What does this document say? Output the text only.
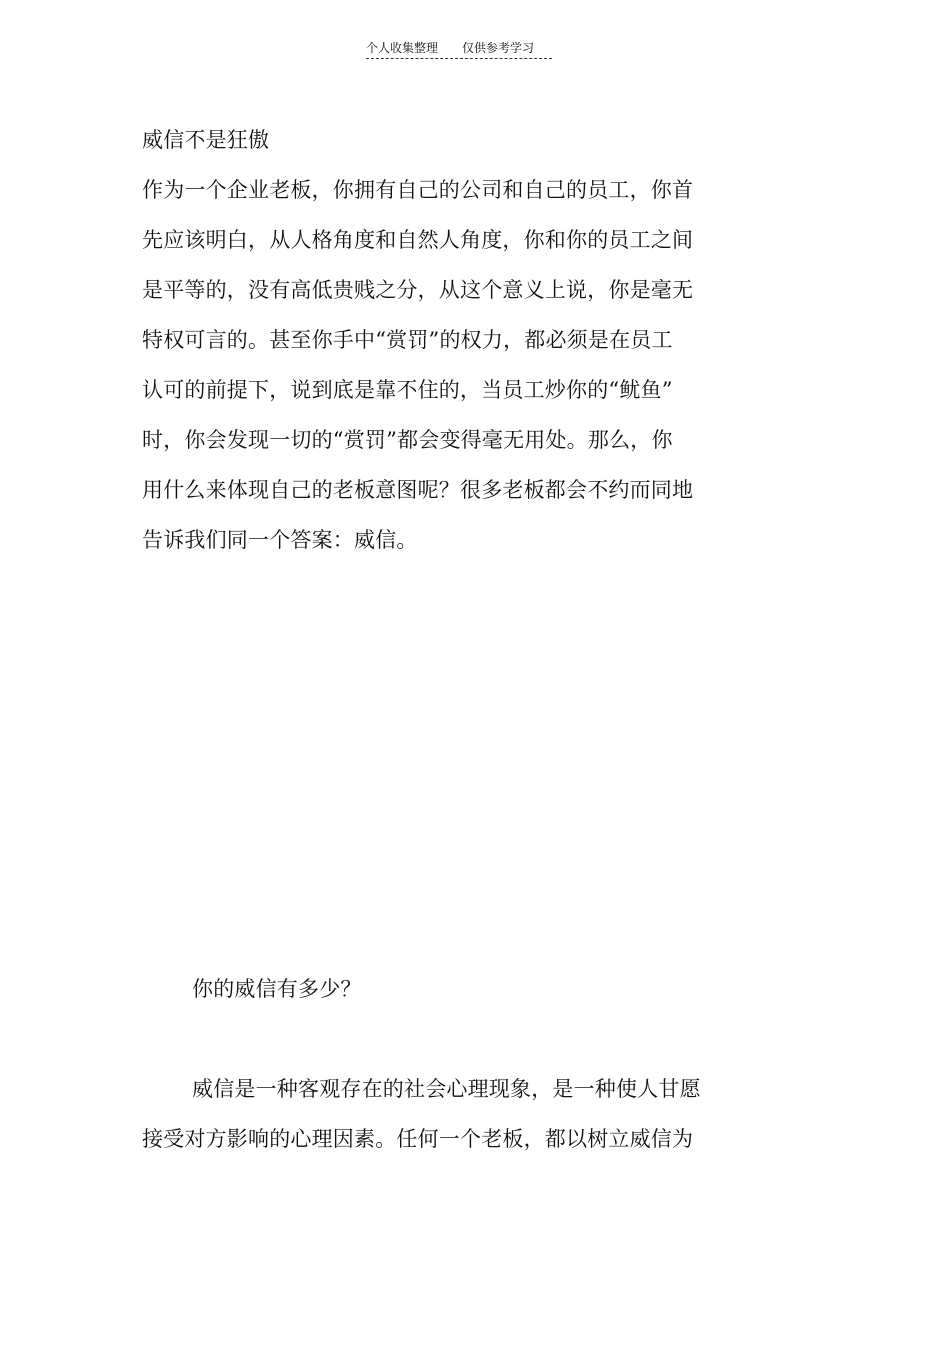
个人收集整理 仅供参考学习
威信不是狂傲
作为一个企业老板，你拥有自己的公司和自己的员工，你首
先应该明白，从人格角度和自然人角度，你和你的员工之间
是平等的，没有高低贵贱之分，从这个意义上说，你是毫无
特权可言的。甚至你手中“赏罚”的权力，都必须是在员工
认可的前提下，说到底是靠不住的，当员工炒你的“鱿鱼”
时，你会发现一切的“赏罚”都会变得毫无用处。那么，你
用什么来体现自己的老板意图呢？很多老板都会不约而同地
告诉我们同一个答案：威信。
你的威信有多少？
威信是一种客观存在的社会心理现象，是一种使人甘愿
接受对方影响的心理因素。任何一个老板，都以树立威信为
